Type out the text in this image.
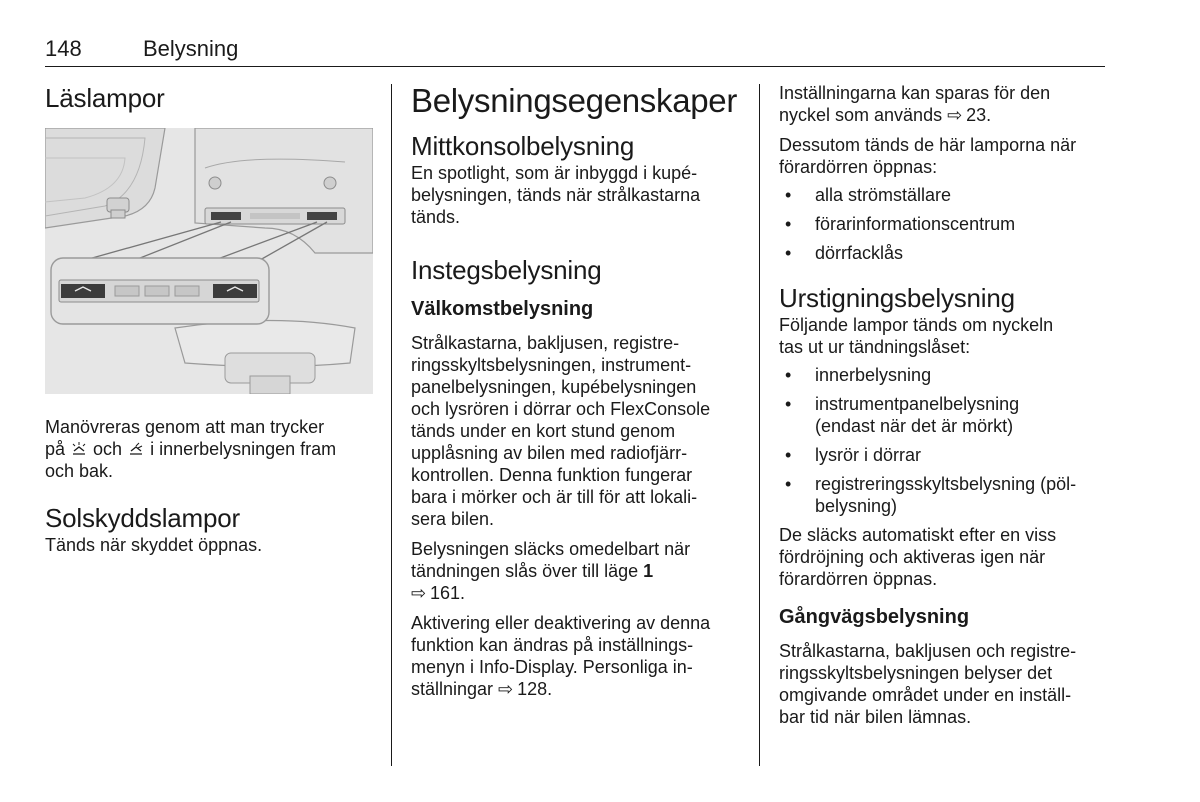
148	Belysning
Läslampor

Manövreras genom att man trycker
på  och  i innerbelysningen fram
och bak.

Solskyddslampor

Tänds när skyddet öppnas.

Belysningsegenskaper
Mittkonsolbelysning

En spotlight, som är inbyggd i kupé-
belysningen, tänds när strålkastarna
tänds.

Instegsbelysning
Välkomstbelysning

Strålkastarna, bakljusen, registre-
ringsskyltsbelysningen, instrument-
panelbelysningen, kupébelysningen
och lysrören i dörrar och FlexConsole
tänds under en kort stund genom
upplåsning av bilen med radiofjärr-
kontrollen. Denna funktion fungerar
bara i mörker och är till för att lokali-
sera bilen.

Belysningen släcks omedelbart när
tändningen slås över till läge 1
⇨ 161.

Aktivering eller deaktivering av denna
funktion kan ändras på inställnings-
menyn i Info-Display. Personliga in-
ställningar ⇨ 128.

Inställningarna kan sparas för den
nyckel som används ⇨ 23.

Dessutom tänds de här lamporna när
förardörren öppnas:

• alla strömställare
• förarinformationscentrum
• dörrfacklås
Urstigningsbelysning

Följande lampor tänds om nyckeln
tas ut ur tändningslåset:

• innerbelysning
• instrumentpanelbelysning
(endast när det är mörkt)
• lysrör i dörrar
• registreringsskyltsbelysning (pöl-
belysning)

De släcks automatiskt efter en viss
fördröjning och aktiveras igen när
förardörren öppnas.

Gångvägsbelysning

Strålkastarna, bakljusen och registre-
ringsskyltsbelysningen belyser det
omgivande området under en inställ-
bar tid när bilen lämnas.
